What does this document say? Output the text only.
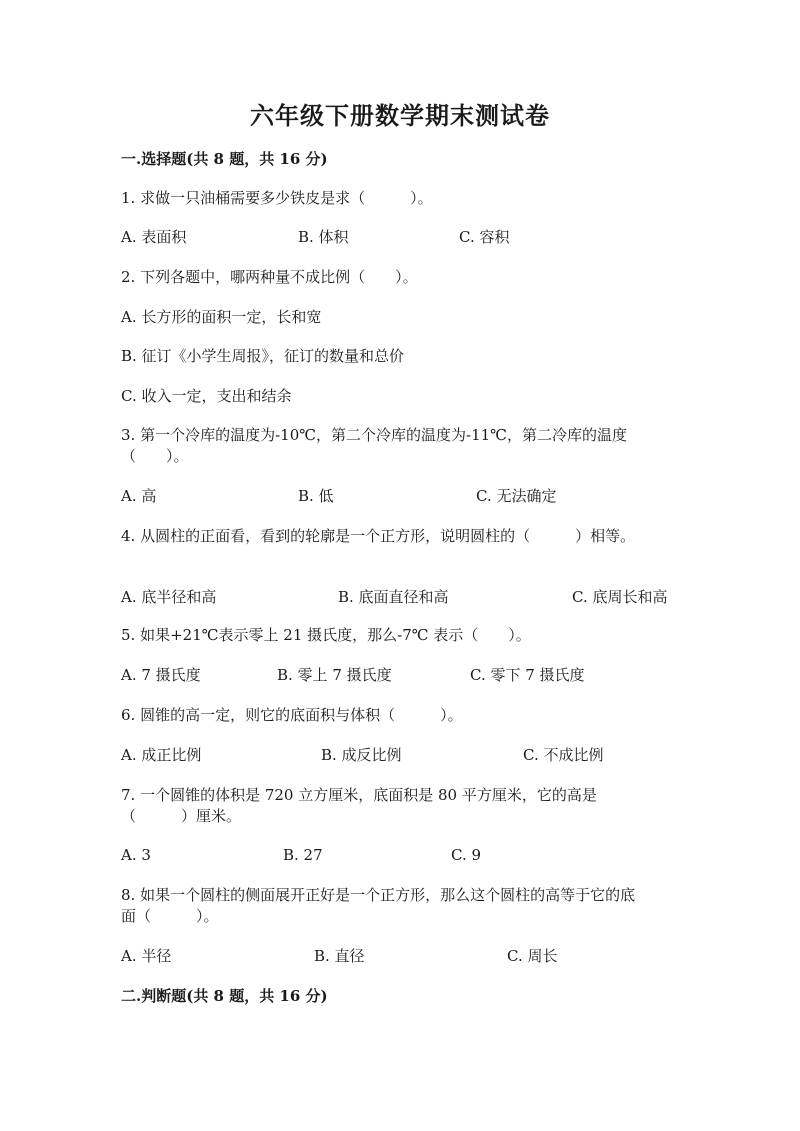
六年级下册数学期末测试卷
一.选择题(共 8 题，共 16 分)
1. 求做一只油桶需要多少铁皮是求（　　　）。
A. 表面积	B. 体积	C. 容积
2. 下列各题中，哪两种量不成比例（　　）。
A. 长方形的面积一定，长和宽
B. 征订《小学生周报》，征订的数量和总价
C. 收入一定，支出和结余
3. 第一个冷库的温度为-10℃，第二个冷库的温度为-11℃，第二冷库的温度
（　　）。
A. 高	B. 低	C. 无法确定
4. 从圆柱的正面看，看到的轮廓是一个正方形，说明圆柱的（　　　）相等。
A. 底半径和高	B. 底面直径和高	C. 底周长和高
5. 如果+21℃表示零上 21 摄氏度，那么-7℃ 表示（　　）。
A. 7 摄氏度	B. 零上 7 摄氏度	C. 零下 7 摄氏度
6. 圆锥的高一定，则它的底面积与体积（　　　）。
A. 成正比例	B. 成反比例	C. 不成比例
7. 一个圆锥的体积是 720 立方厘米，底面积是 80 平方厘米，它的高是
（　　　）厘米。
A. 3	B. 27	C. 9
8. 如果一个圆柱的侧面展开正好是一个正方形，那么这个圆柱的高等于它的底
面（　　　）。
A. 半径	B. 直径	C. 周长
二.判断题(共 8 题，共 16 分)
